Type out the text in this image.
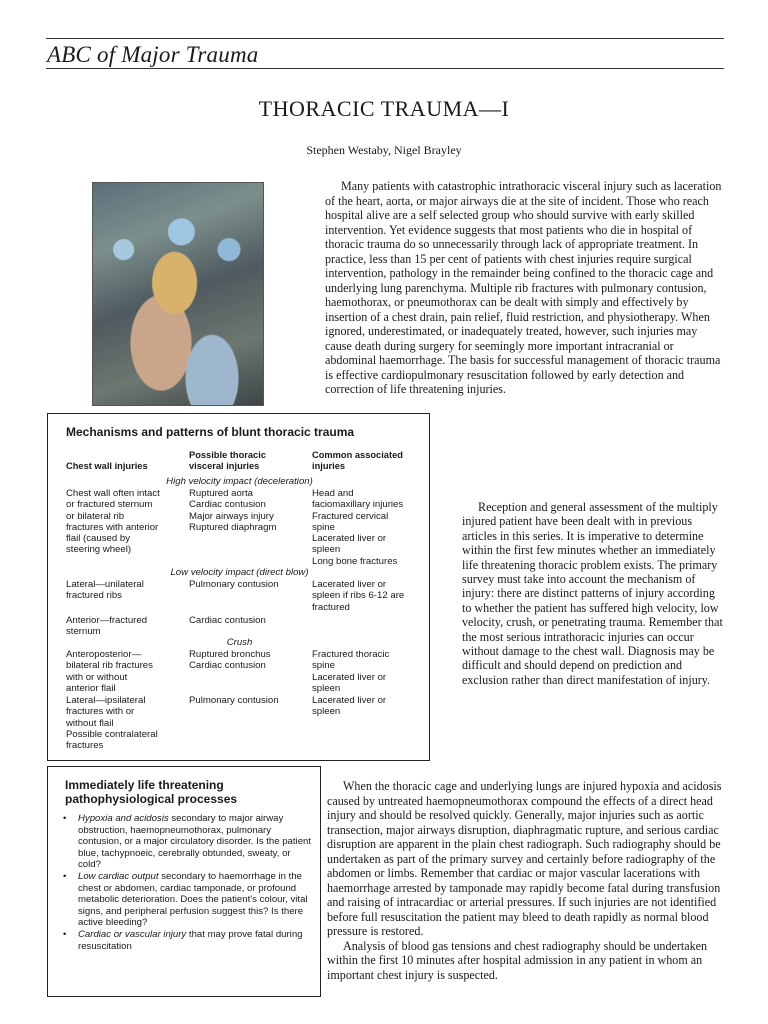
ABC of Major Trauma
THORACIC TRAUMA—I
Stephen Westaby, Nigel Brayley

Many patients with catastrophic intrathoracic visceral injury such as laceration of the heart, aorta, or major airways die at the site of incident. Those who reach hospital alive are a self selected group who should survive with early skilled intervention. Yet evidence suggests that most patients who die in hospital of thoracic trauma do so unnecessarily through lack of appropriate treatment. In practice, less than 15 per cent of patients with chest injuries require surgical intervention, pathology in the remainder being confined to the thoracic cage and underlying lung parenchyma. Multiple rib fractures with pulmonary contusion, haemothorax, or pneumothorax can be dealt with simply and effectively by insertion of a chest drain, pain relief, fluid restriction, and physiotherapy. When ignored, underestimated, or inadequately treated, however, such injuries may cause death during surgery for seemingly more important intracranial or abdominal haemorrhage. The basis for successful management of thoracic trauma is effective cardiopulmonary resuscitation followed by early detection and correction of life threatening injuries.

Mechanisms and patterns of blunt thoracic trauma
Chest wall injuries
Possible thoracic visceral injuries
Common associated injuries
High velocity impact (deceleration)
Chest wall often intact
or fractured sternum
or bilateral rib
fractures with anterior
flail (caused by
steering wheel)
Ruptured aorta
Cardiac contusion
Major airways injury
Ruptured diaphragm
Head and
faciomaxillary injuries
Fractured cervical
spine
Lacerated liver or
spleen
Long bone fractures
Low velocity impact (direct blow)
Lateral—unilateral
fractured ribs
Pulmonary contusion	Lacerated liver or
spleen if ribs 6-12 are
fractured
Anterior—fractured
sternum
Cardiac contusion
Crush
Anteroposterior—
bilateral rib fractures
with or without
anterior flail
Ruptured bronchus
Cardiac contusion
Fractured thoracic
spine
Lacerated liver or
spleen
Lateral—ipsilateral
fractures with or
without flail
Possible contralateral
fractures
Pulmonary contusion	Lacerated liver or
spleen

Reception and general assessment of the multiply injured patient have been dealt with in previous articles in this series. It is imperative to determine within the first few minutes whether an immediately life threatening thoracic problem exists. The primary survey must take into account the mechanism of injury: there are distinct patterns of injury according to whether the patient has suffered high velocity, low velocity, crush, or penetrating trauma. Remember that the most serious intrathoracic injuries can occur without damage to the chest wall. Diagnosis may be difficult and should depend on prediction and exclusion rather than direct manifestation of injury.

Immediately life threatening pathophysiological processes
• Hypoxia and acidosis secondary to major airway obstruction, haemopneumothorax, pulmonary contusion, or a major circulatory disorder. Is the patient blue, tachypnoeic, cerebrally obtunded, sweaty, or cold?
• Low cardiac output secondary to haemorrhage in the chest or abdomen, cardiac tamponade, or profound metabolic deterioration. Does the patient's colour, vital signs, and peripheral perfusion suggest this? Is there active bleeding?
• Cardiac or vascular injury that may prove fatal during resuscitation

When the thoracic cage and underlying lungs are injured hypoxia and acidosis caused by untreated haemopneumothorax compound the effects of a direct head injury and should be resolved quickly. Generally, major injuries such as aortic transection, major airways disruption, diaphragmatic rupture, and serious cardiac disruption are apparent in the plain chest radiograph. Such radiography should be undertaken as part of the primary survey and certainly before radiography of the abdomen or limbs. Remember that cardiac or major vascular lacerations with haemorrhage arrested by tamponade may rapidly become fatal during transfusion and raising of intracardiac or arterial pressures. If such injuries are not identified before full resuscitation the patient may bleed to death rapidly as normal blood pressure is restored.

Analysis of blood gas tensions and chest radiography should be undertaken within the first 10 minutes after hospital admission in any patient in whom an important chest injury is suspected.
